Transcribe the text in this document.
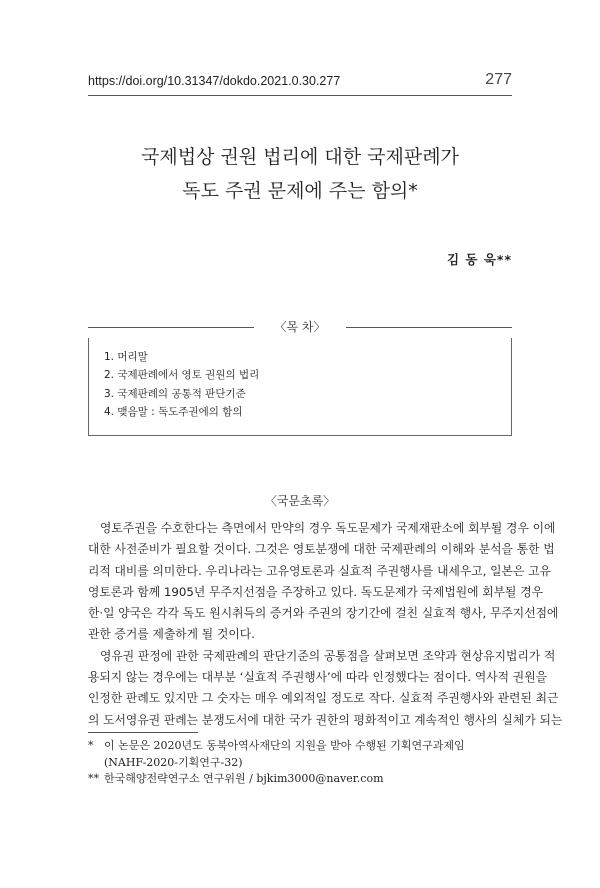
https://doi.org/10.31347/dokdo.2021.0.30.277	277
국제법상 권원 법리에 대한 국제판례가
독도 주권 문제에 주는 함의*
김 동 욱**
〈목 차〉
1. 머리말
2. 국제판례에서 영토 권원의 법리
3. 국제판례의 공통적 판단기준
4. 맺음말 : 독도주권에의 함의
〈국문초록〉
영토주권을 수호한다는 측면에서 만약의 경우 독도문제가 국제재판소에 회부될 경우 이에
대한 사전준비가 필요할 것이다. 그것은 영토분쟁에 대한 국제판례의 이해와 분석을 통한 법
리적 대비를 의미한다. 우리나라는 고유영토론과 실효적 주권행사를 내세우고, 일본은 고유
영토론과 함께 1905년 무주지선점을 주장하고 있다. 독도문제가 국제법원에 회부될 경우
한·일 양국은 각각 독도 원시취득의 증거와 주권의 장기간에 걸친 실효적 행사, 무주지선점에
관한 증거를 제출하게 될 것이다.
영유권 판정에 관한 국제판례의 판단기준의 공통점을 살펴보면 조약과 현상유지법리가 적
용되지 않는 경우에는 대부분 ‘실효적 주권행사’에 따라 인정했다는 점이다. 역사적 권원을
인정한 판례도 있지만 그 숫자는 매우 예외적일 정도로 작다. 실효적 주권행사와 관련된 최근
의 도서영유권 판례는 분쟁도서에 대한 국가 권한의 평화적이고 계속적인 행사의 실체가 되는
* 이 논문은 2020년도 동북아역사재단의 지원을 받아 수행된 기획연구과제임
(NAHF-2020-기획연구-32)
** 한국해양전략연구소 연구위원 / bjkim3000@naver.com
